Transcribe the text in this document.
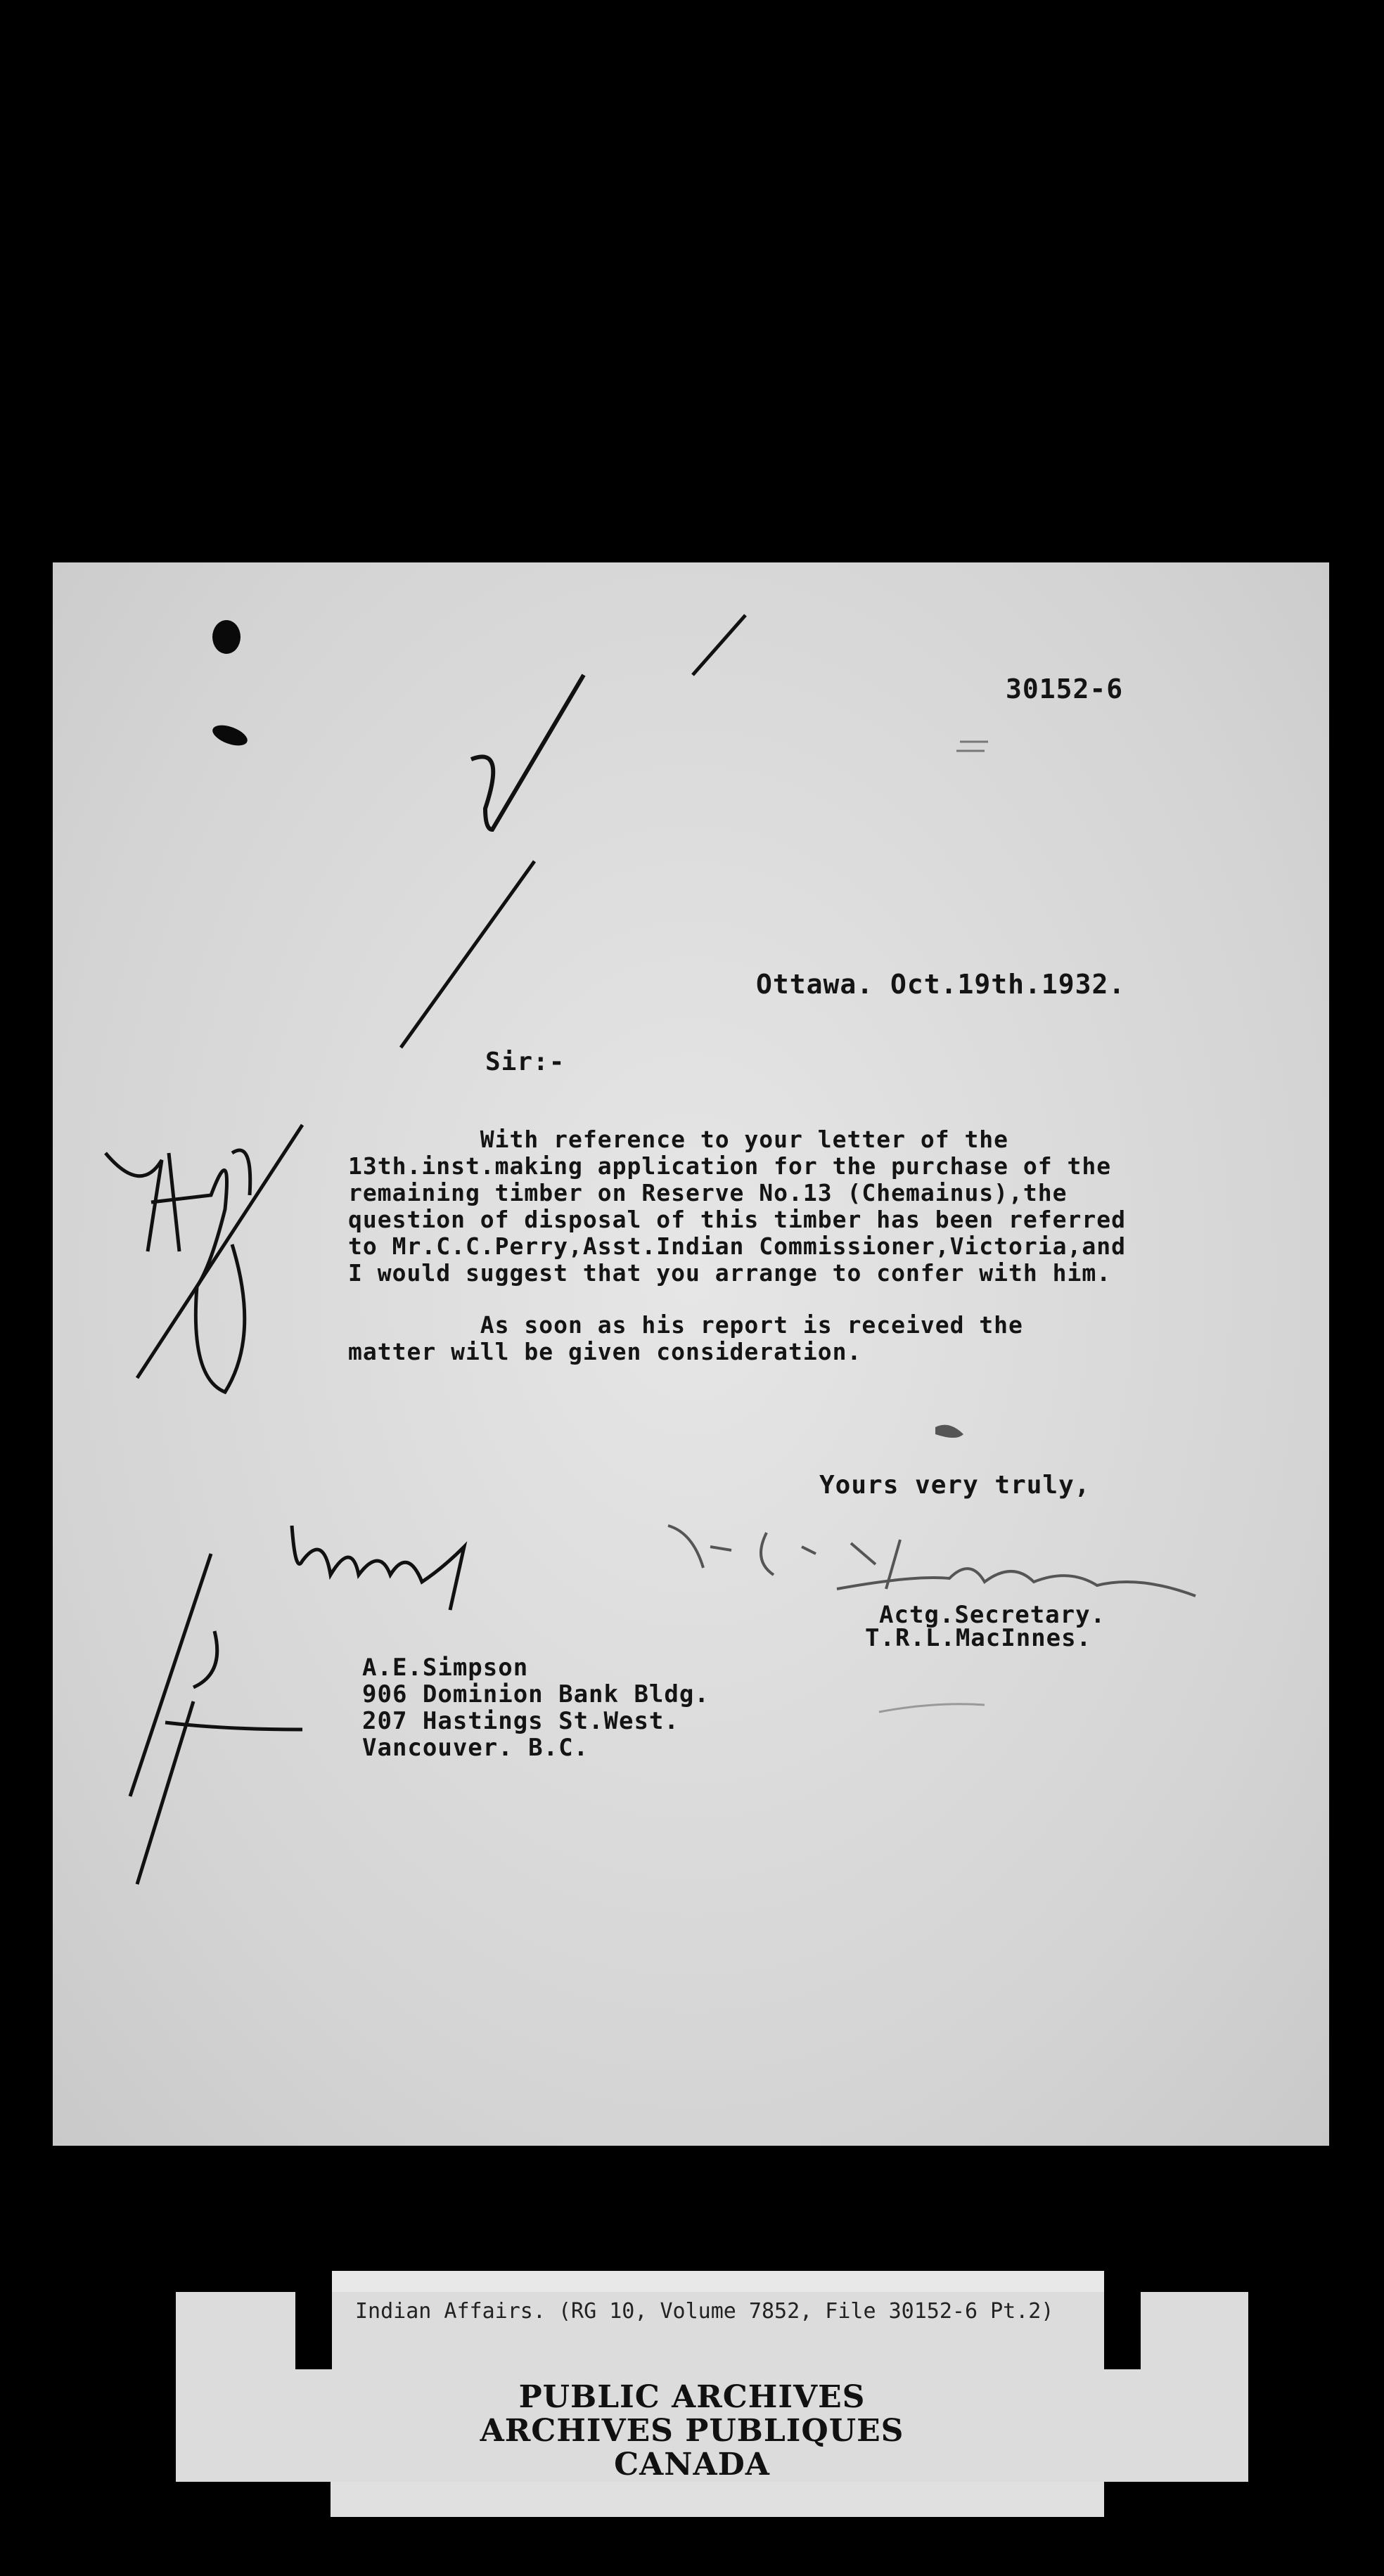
30152-6
Ottawa. Oct.19th.1932.
Sir:-
With reference to your letter of the
13th.inst.making application for the purchase of the
remaining timber on Reserve No.13 (Chemainus),the
question of disposal of this timber has been referred
to Mr.C.C.Perry,Asst.Indian Commissioner,Victoria,and
I would suggest that you arrange to confer with him.
As soon as his report is received the
matter will be given consideration.
Yours very truly,
Actg.Secretary.
T.R.L.MacInnes.
A.E.Simpson
906 Dominion Bank Bldg.
207 Hastings St.West.
Vancouver. B.C.
Indian Affairs. (RG 10, Volume 7852, File 30152-6 Pt.2)
PUBLIC ARCHIVES
ARCHIVES PUBLIQUES
CANADA
